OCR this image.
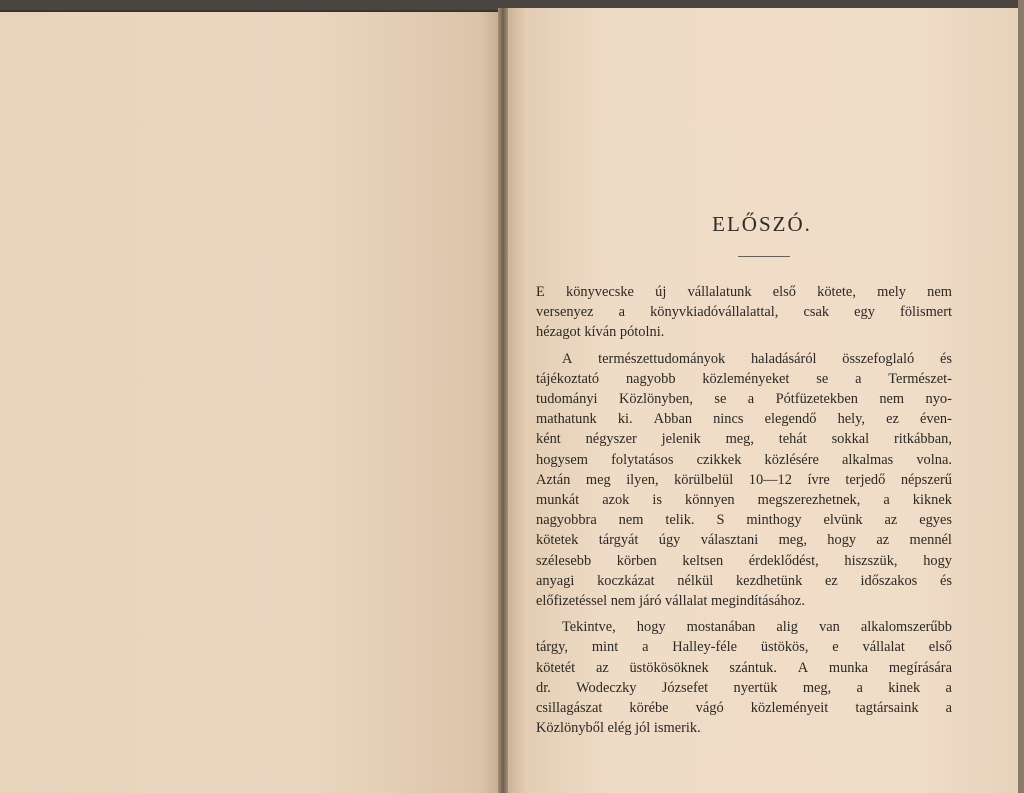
ELŐSZÓ.
E könyvecske új vállalatunk első kötete, mely nem
versenyez a könyvkiadóvállalattal, csak egy fölismert
hézagot kíván pótolni.
A természettudományok haladásáról összefoglaló és
tájékoztató nagyobb közleményeket se a Természet-
tudományi Közlönyben, se a Pótfüzetekben nem nyo-
mathatunk ki. Abban nincs elegendő hely, ez éven-
ként négyszer jelenik meg, tehát sokkal ritkábban,
hogysem folytatásos czikkek közlésére alkalmas volna.
Aztán meg ilyen, körülbelül 10—12 ívre terjedő népszerű
munkát azok is könnyen megszerezhetnek, a kiknek
nagyobbra nem telik. S minthogy elvünk az egyes
kötetek tárgyát úgy választani meg, hogy az mennél
szélesebb körben keltsen érdeklődést, hiszszük, hogy
anyagi koczkázat nélkül kezdhetünk ez időszakos és
előfizetéssel nem járó vállalat megindításához.
Tekintve, hogy mostanában alig van alkalomszerűbb
tárgy, mint a Halley-féle üstökös, e vállalat első
kötetét az üstökösöknek szántuk. A munka megírására
dr. Wodeczky Józsefet nyertük meg, a kinek a
csillagászat körébe vágó közleményeit tagtársaink a
Közlönyből elég jól ismerik.
